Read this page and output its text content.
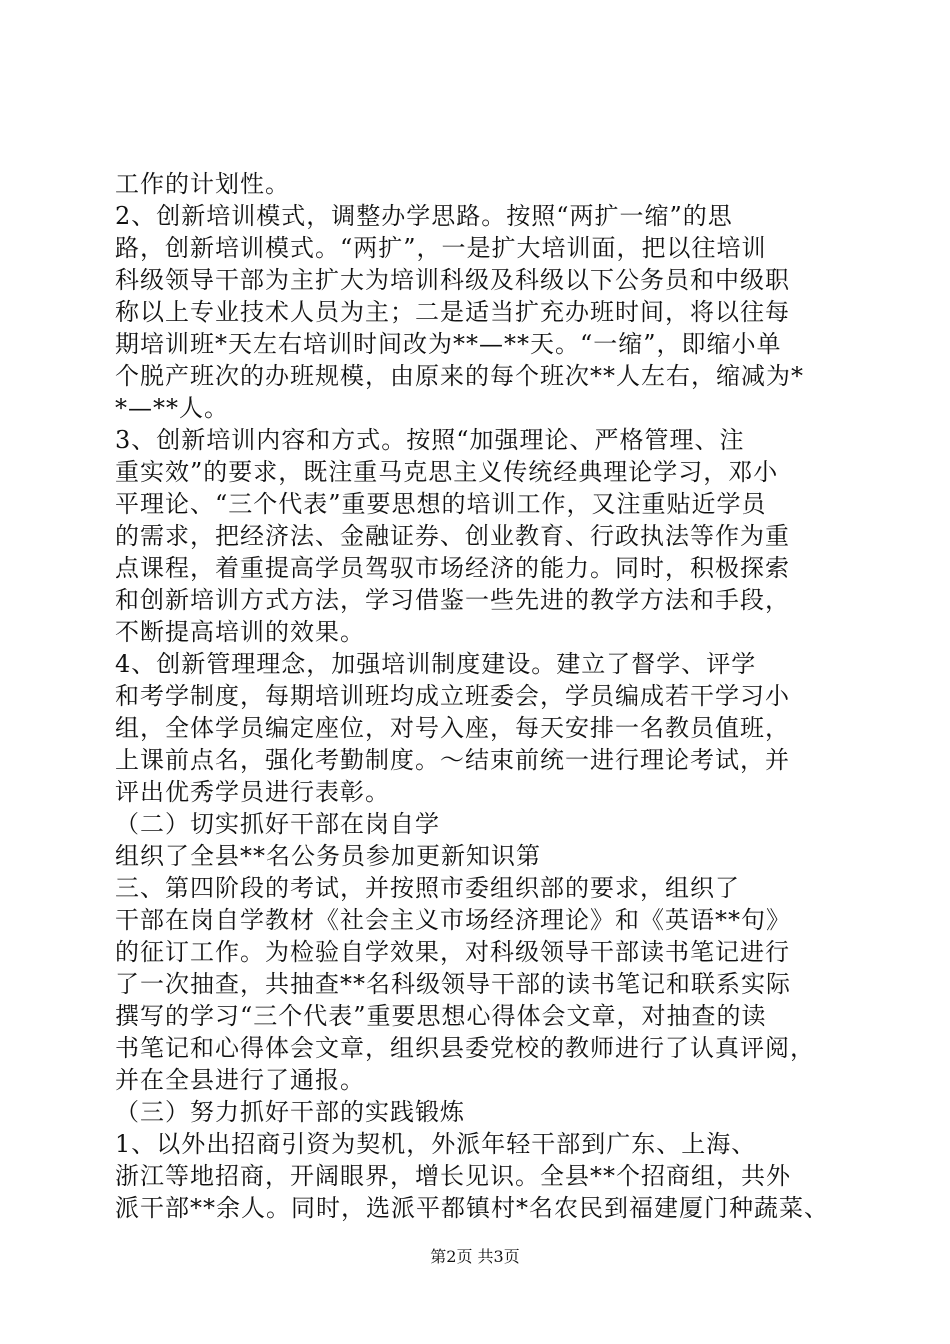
工作的计划性。
2、创新培训模式，调整办学思路。按照“两扩一缩”的思
路，创新培训模式。“两扩”，一是扩大培训面，把以往培训
科级领导干部为主扩大为培训科级及科级以下公务员和中级职
称以上专业技术人员为主；二是适当扩充办班时间，将以往每
期培训班*天左右培训时间改为**—**天。“一缩”，即缩小单
个脱产班次的办班规模，由原来的每个班次**人左右，缩减为*
*—**人。
3、创新培训内容和方式。按照“加强理论、严格管理、注
重实效”的要求，既注重马克思主义传统经典理论学习，邓小
平理论、“三个代表”重要思想的培训工作，又注重贴近学员
的需求，把经济法、金融证券、创业教育、行政执法等作为重
点课程，着重提高学员驾驭市场经济的能力。同时，积极探索
和创新培训方式方法，学习借鉴一些先进的教学方法和手段，
不断提高培训的效果。
4、创新管理理念，加强培训制度建设。建立了督学、评学
和考学制度，每期培训班均成立班委会，学员编成若干学习小
组，全体学员编定座位，对号入座，每天安排一名教员值班，
上课前点名，强化考勤制度。～结束前统一进行理论考试，并
评出优秀学员进行表彰。
（二）切实抓好干部在岗自学
组织了全县**名公务员参加更新知识第
三、第四阶段的考试，并按照市委组织部的要求，组织了
干部在岗自学教材《社会主义市场经济理论》和《英语**句》
的征订工作。为检验自学效果，对科级领导干部读书笔记进行
了一次抽查，共抽查**名科级领导干部的读书笔记和联系实际
撰写的学习“三个代表”重要思想心得体会文章，对抽查的读
书笔记和心得体会文章，组织县委党校的教师进行了认真评阅，
并在全县进行了通报。
（三）努力抓好干部的实践锻炼
1、以外出招商引资为契机，外派年轻干部到广东、上海、
浙江等地招商，开阔眼界，增长见识。全县**个招商组，共外
派干部**余人。同时，选派平都镇村*名农民到福建厦门种蔬菜、
第2页 共3页
